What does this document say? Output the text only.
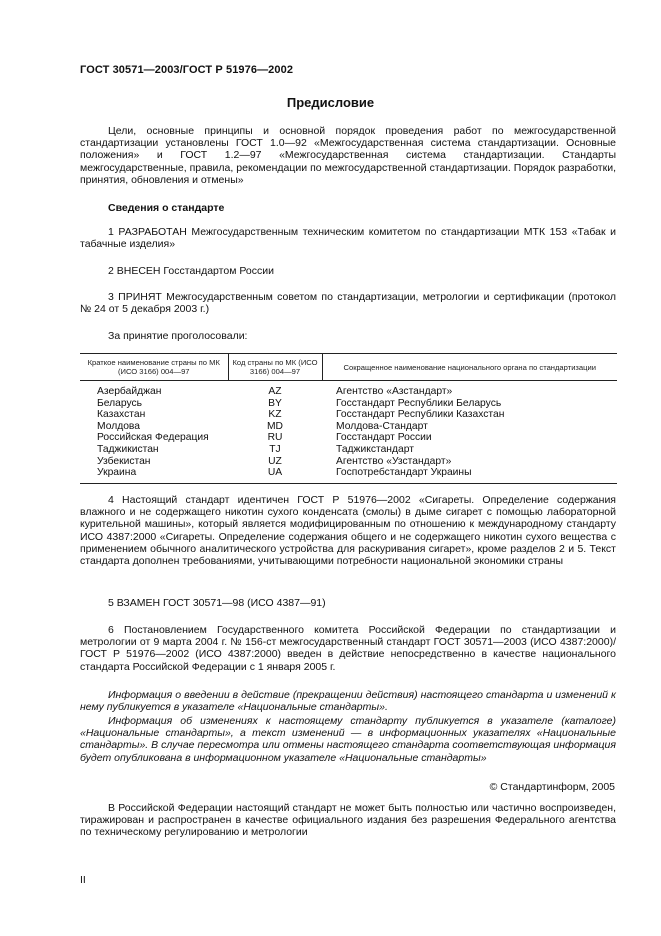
ГОСТ 30571—2003/ГОСТ Р 51976—2002
Предисловие

Цели, основные принципы и основной порядок проведения работ по межгосударственной стандартизации установлены ГОСТ 1.0—92 «Межгосударственная система стандартизации. Основные положения» и ГОСТ 1.2—97 «Межгосударственная система стандартизации. Стандарты межгосударственные, правила, рекомендации по межгосударственной стандартизации. Порядок разработки, принятия, обновления и отмены»

Сведения о стандарте

1 РАЗРАБОТАН Межгосударственным техническим комитетом по стандартизации МТК 153 «Табак и табачные изделия»

2 ВНЕСЕН Госстандартом России

3 ПРИНЯТ Межгосударственным советом по стандартизации, метрологии и сертификации (протокол № 24 от 5 декабря 2003 г.)

За принятие проголосовали:

Краткое наименование страны по МК (ИСО 3166) 004—97	Код страны по МК (ИСО 3166) 004—97	Сокращенное наименование национального органа по стандартизации
Азербайджан	AZ	Агентство «Азстандарт»
Беларусь	BY	Госстандарт Республики Беларусь
Казахстан	KZ	Госстандарт Республики Казахстан
Молдова	MD	Молдова-Стандарт
Российская Федерация	RU	Госстандарт России
Таджикистан	TJ	Таджикстандарт
Узбекистан	UZ	Агентство «Узстандарт»
Украина	UA	Госпотребстандарт Украины

4 Настоящий стандарт идентичен ГОСТ Р 51976—2002 «Сигареты. Определение содержания влажного и не содержащего никотин сухого конденсата (смолы) в дыме сигарет с помощью лабораторной курительной машины», который является модифицированным по отношению к международному стандарту ИСО 4387:2000 «Сигареты. Определение содержания общего и не содержащего никотин сухого вещества с применением обычного аналитического устройства для раскуривания сигарет», кроме разделов 2 и 5. Текст стандарта дополнен требованиями, учитывающими потребности национальной экономики страны

5 ВЗАМЕН ГОСТ 30571—98 (ИСО 4387—91)

6 Постановлением Государственного комитета Российской Федерации по стандартизации и метрологии от 9 марта 2004 г. № 156-ст межгосударственный стандарт ГОСТ 30571—2003 (ИСО 4387:2000)/ ГОСТ Р 51976—2002 (ИСО 4387:2000) введен в действие непосредственно в качестве национального стандарта Российской Федерации с 1 января 2005 г.

Информация о введении в действие (прекращении действия) настоящего стандарта и изменений к нему публикуется в указателе «Национальные стандарты».

Информация об изменениях к настоящему стандарту публикуется в указателе (каталоге) «Национальные стандарты», а текст изменений — в информационных указателях «Национальные стандарты». В случае пересмотра или отмены настоящего стандарта соответствующая информация будет опубликована в информационном указателе «Национальные стандарты»

© Стандартинформ, 2005

В Российской Федерации настоящий стандарт не может быть полностью или частично воспроизведен, тиражирован и распространен в качестве официального издания без разрешения Федерального агентства по техническому регулированию и метрологии

II
